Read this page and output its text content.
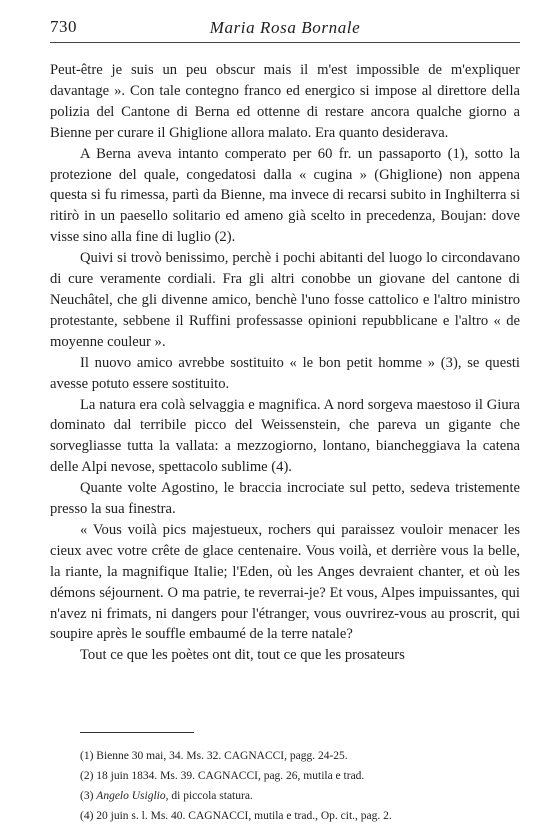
730	Maria Rosa Bornale

Peut-être je suis un peu obscur mais il m'est impossible de m'expliquer davantage ». Con tale contegno franco ed energico si impose al direttore della polizia del Cantone di Berna ed ottenne di restare ancora qualche giorno a Bienne per curare il Ghiglione allora malato. Era quanto desiderava.

A Berna aveva intanto comperato per 60 fr. un passaporto (1), sotto la protezione del quale, congedatosi dalla « cugina » (Ghiglione) non appena questa si fu rimessa, partì da Bienne, ma invece di recarsi subito in Inghilterra si ritirò in un paesello solitario ed ameno già scelto in precedenza, Boujan: dove visse sino alla fine di luglio (2).

Quivi si trovò benissimo, perchè i pochi abitanti del luogo lo circondavano di cure veramente cordiali. Fra gli altri conobbe un giovane del cantone di Neuchâtel, che gli divenne amico, benchè l'uno fosse cattolico e l'altro ministro protestante, sebbene il Ruffini professasse opinioni repubblicane e l'altro « de moyenne couleur ».

Il nuovo amico avrebbe sostituito « le bon petit homme » (3), se questi avesse potuto essere sostituito.

La natura era colà selvaggia e magnifica. A nord sorgeva maestoso il Giura dominato dal terribile picco del Weissenstein, che pareva un gigante che sorvegliasse tutta la vallata: a mezzogiorno, lontano, biancheggiava la catena delle Alpi nevose, spettacolo sublime (4).

Quante volte Agostino, le braccia incrociate sul petto, sedeva tristemente presso la sua finestra.

« Vous voilà pics majestueux, rochers qui paraissez vouloir menacer les cieux avec votre crête de glace centenaire. Vous voilà, et derrière vous la belle, la riante, la magnifique Italie; l'Eden, où les Anges devraient chanter, et où les démons séjournent. O ma patrie, te reverrai-je? Et vous, Alpes impuissantes, qui n'avez ni frimats, ni dangers pour l'étranger, vous ouvrirez-vous au proscrit, qui soupire après le souffle embaumé de la terre natale?

Tout ce que les poètes ont dit, tout ce que les prosateurs

(1) Bienne 30 mai, 34. Ms. 32. CAGNACCI, pagg. 24-25.
(2) 18 juin 1834. Ms. 39. CAGNACCI, pag. 26, mutila e trad.
(3) Angelo Usiglio, di piccola statura.
(4) 20 juin s. l. Ms. 40. CAGNACCI, mutila e trad., Op. cit., pag. 2.
